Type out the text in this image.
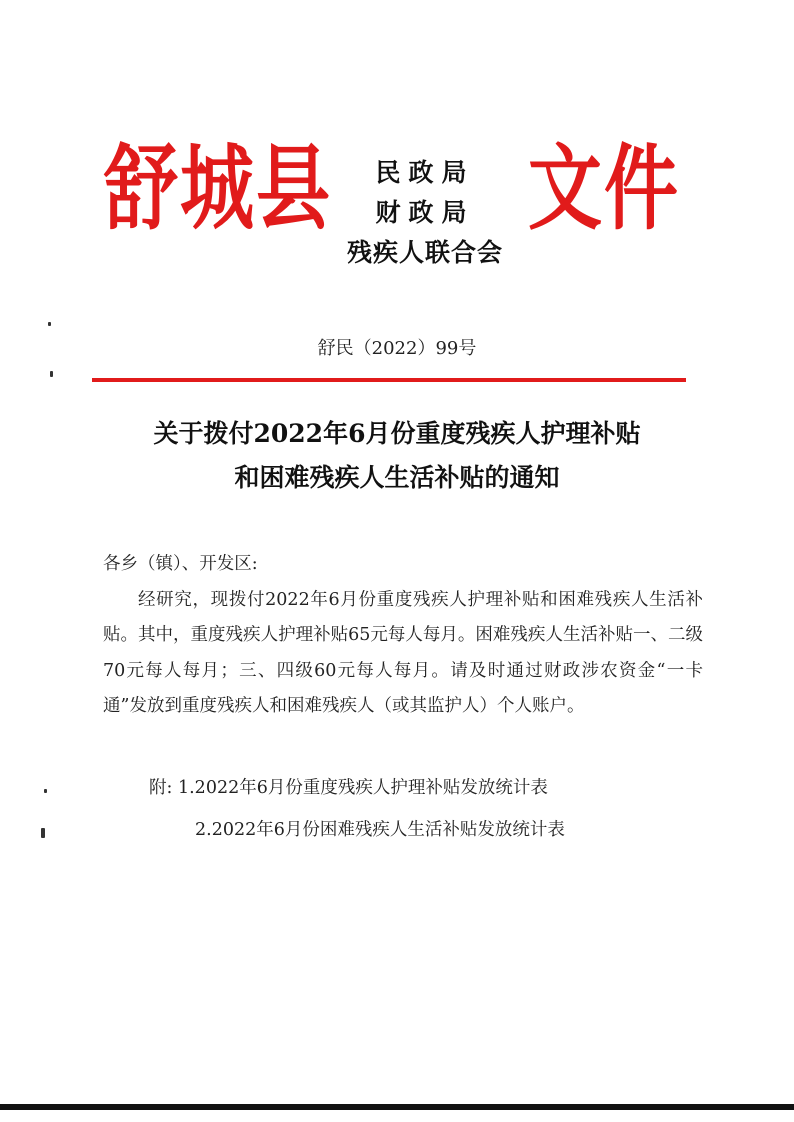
舒城县	民政局
财政局
残疾人联合会
文件
舒民（2022）99号
关于拨付2022年6月份重度残疾人护理补贴
和困难残疾人生活补贴的通知

各乡（镇）、开发区:

经研究，现拨付2022年6月份重度残疾人护理补贴和困难残疾人生活补贴。其中，重度残疾人护理补贴65元每人每月。困难残疾人生活补贴一、二级70元每人每月；三、四级60元每人每月。请及时通过财政涉农资金“一卡通”发放到重度残疾人和困难残疾人（或其监护人）个人账户。

附: 1.2022年6月份重度残疾人护理补贴发放统计表
2.2022年6月份困难残疾人生活补贴发放统计表
